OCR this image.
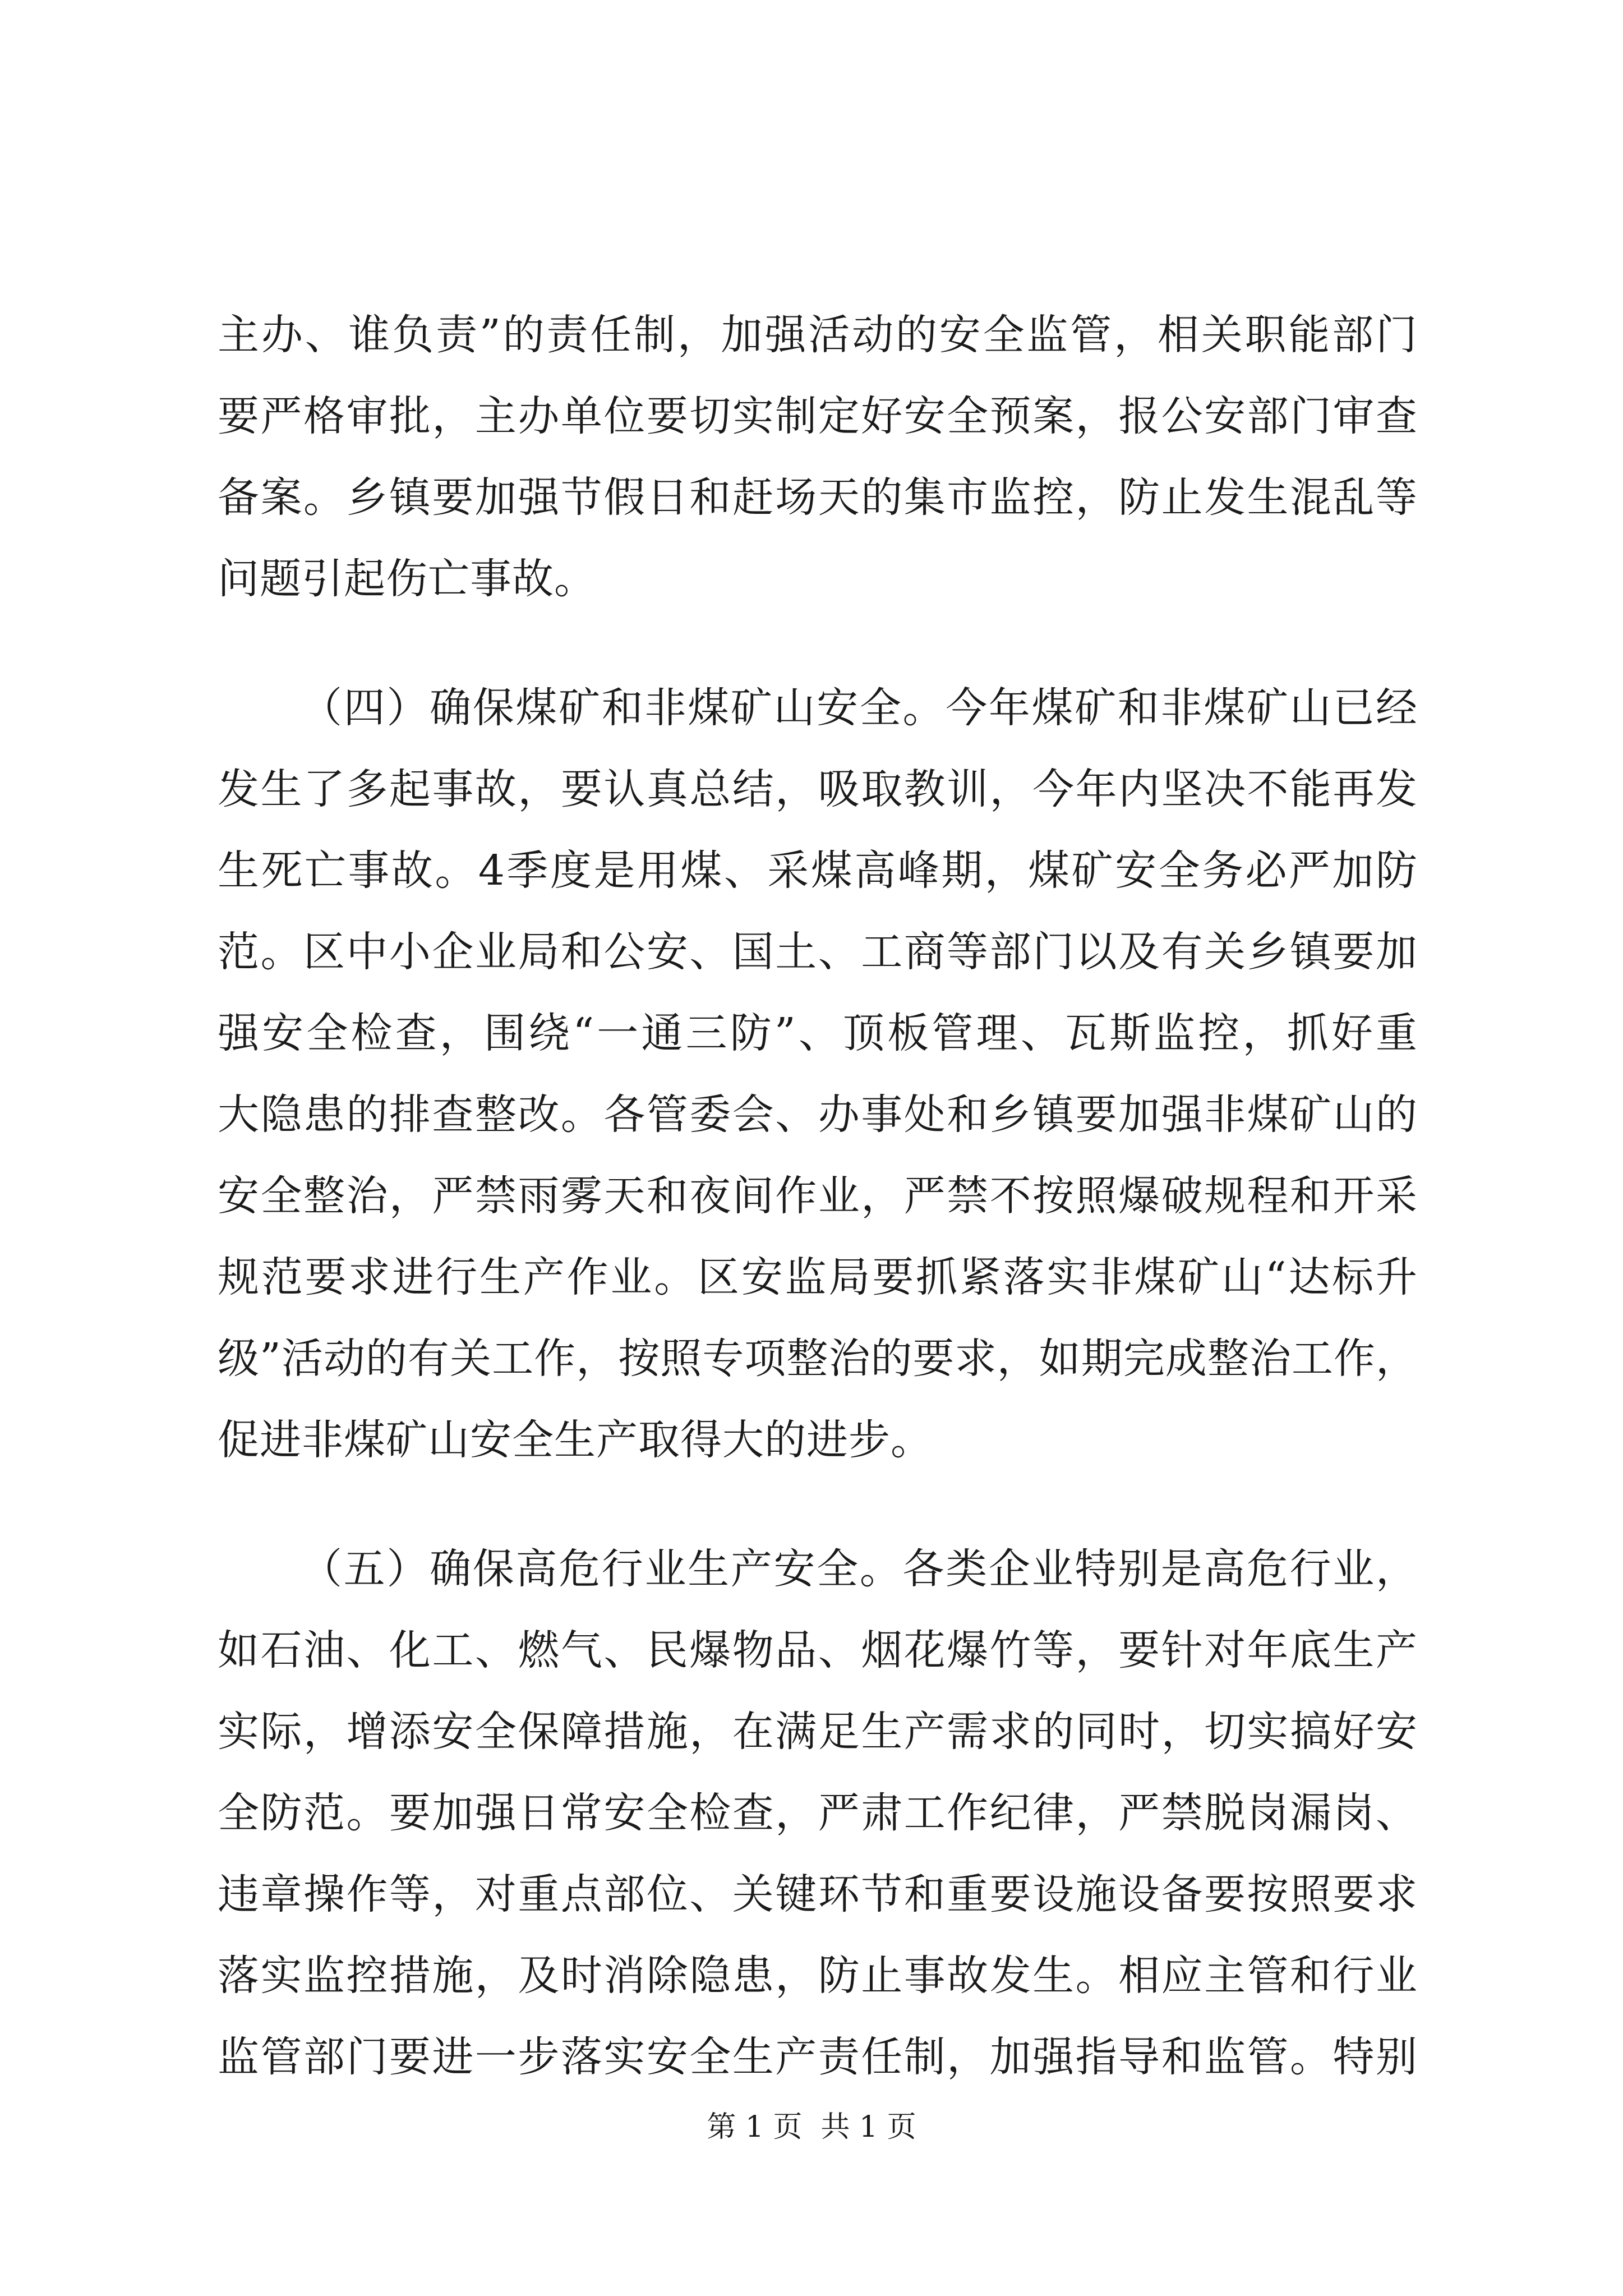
主办、谁负责”的责任制，加强活动的安全监管，相关职能部门
要严格审批，主办单位要切实制定好安全预案，报公安部门审查
备案。乡镇要加强节假日和赶场天的集市监控，防止发生混乱等
问题引起伤亡事故。
（四）确保煤矿和非煤矿山安全。今年煤矿和非煤矿山已经
发生了多起事故，要认真总结，吸取教训，今年内坚决不能再发
生死亡事故。4季度是用煤、采煤高峰期，煤矿安全务必严加防
范。区中小企业局和公安、国土、工商等部门以及有关乡镇要加
强安全检查，围绕“一通三防”、顶板管理、瓦斯监控，抓好重
大隐患的排查整改。各管委会、办事处和乡镇要加强非煤矿山的
安全整治，严禁雨雾天和夜间作业，严禁不按照爆破规程和开采
规范要求进行生产作业。区安监局要抓紧落实非煤矿山“达标升
级”活动的有关工作，按照专项整治的要求，如期完成整治工作，
促进非煤矿山安全生产取得大的进步。
（五）确保高危行业生产安全。各类企业特别是高危行业，
如石油、化工、燃气、民爆物品、烟花爆竹等，要针对年底生产
实际，增添安全保障措施，在满足生产需求的同时，切实搞好安
全防范。要加强日常安全检查，严肃工作纪律，严禁脱岗漏岗、
违章操作等，对重点部位、关键环节和重要设施设备要按照要求
落实监控措施，及时消除隐患，防止事故发生。相应主管和行业
监管部门要进一步落实安全生产责任制，加强指导和监管。特别
第 1 页  共 1 页
